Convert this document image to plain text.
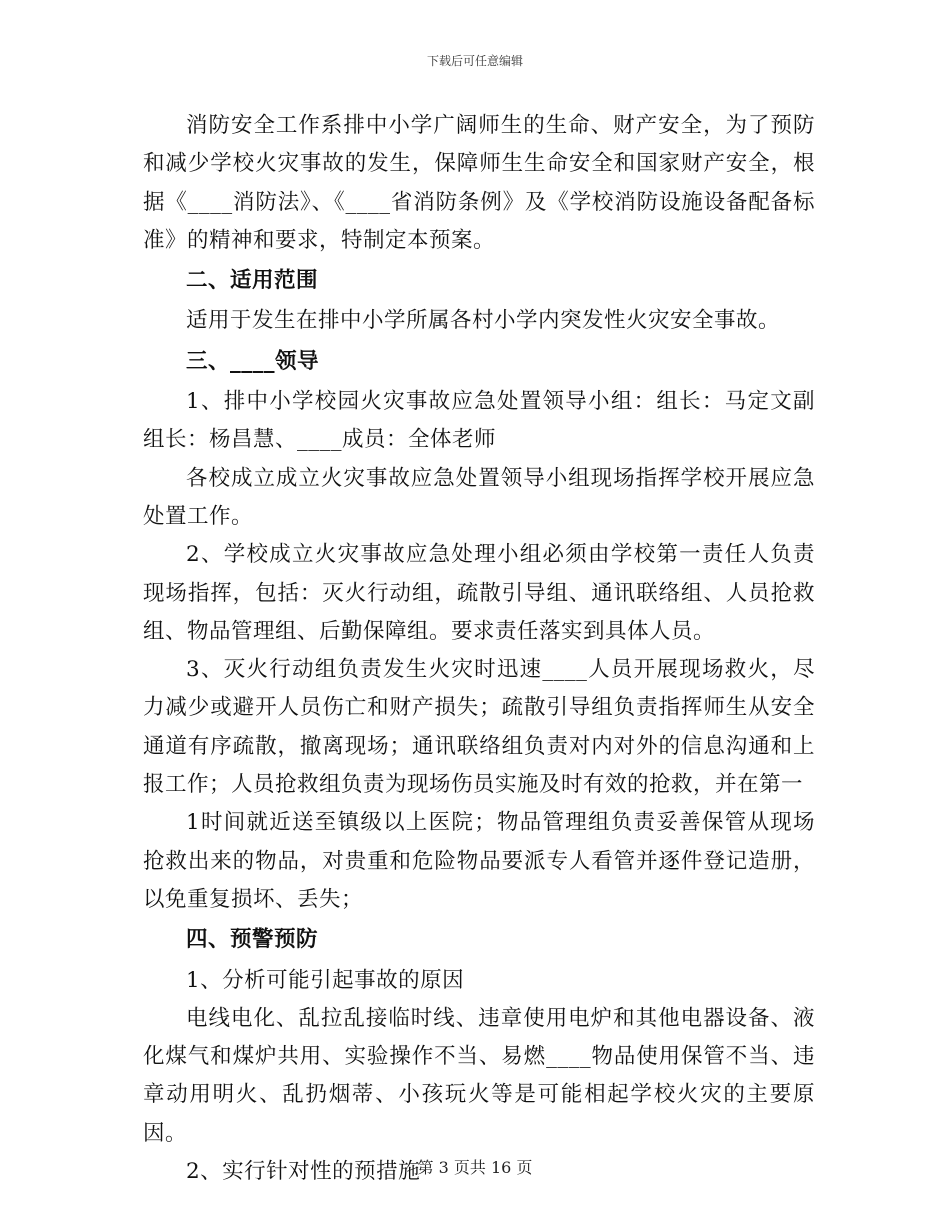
下载后可任意编辑

消防安全工作系排中小学广阔师生的生命、财产安全，为了预防和减少学校火灾事故的发生，保障师生生命安全和国家财产安全，根据《____消防法》、《____省消防条例》及《学校消防设施设备配备标准》的精神和要求，特制定本预案。

二、适用范围

适用于发生在排中小学所属各村小学内突发性火灾安全事故。

三、____领导

1、排中小学校园火灾事故应急处置领导小组：组长：马定文副组长：杨昌慧、____成员：全体老师

各校成立成立火灾事故应急处置领导小组现场指挥学校开展应急处置工作。

2、学校成立火灾事故应急处理小组必须由学校第一责任人负责现场指挥，包括：灭火行动组，疏散引导组、通讯联络组、人员抢救组、物品管理组、后勤保障组。要求责任落实到具体人员。

3、灭火行动组负责发生火灾时迅速____人员开展现场救火，尽力减少或避开人员伤亡和财产损失；疏散引导组负责指挥师生从安全通道有序疏散，撤离现场；通讯联络组负责对内对外的信息沟通和上报工作；人员抢救组负责为现场伤员实施及时有效的抢救，并在第一

1时间就近送至镇级以上医院；物品管理组负责妥善保管从现场抢救出来的物品，对贵重和危险物品要派专人看管并逐件登记造册，以免重复损坏、丢失；

四、预警预防

1、分析可能引起事故的原因

电线电化、乱拉乱接临时线、违章使用电炉和其他电器设备、液化煤气和煤炉共用、实验操作不当、易燃____物品使用保管不当、违章动用明火、乱扔烟蒂、小孩玩火等是可能相起学校火灾的主要原因。

2、实行针对性的预措施

第 3 页共 16 页
